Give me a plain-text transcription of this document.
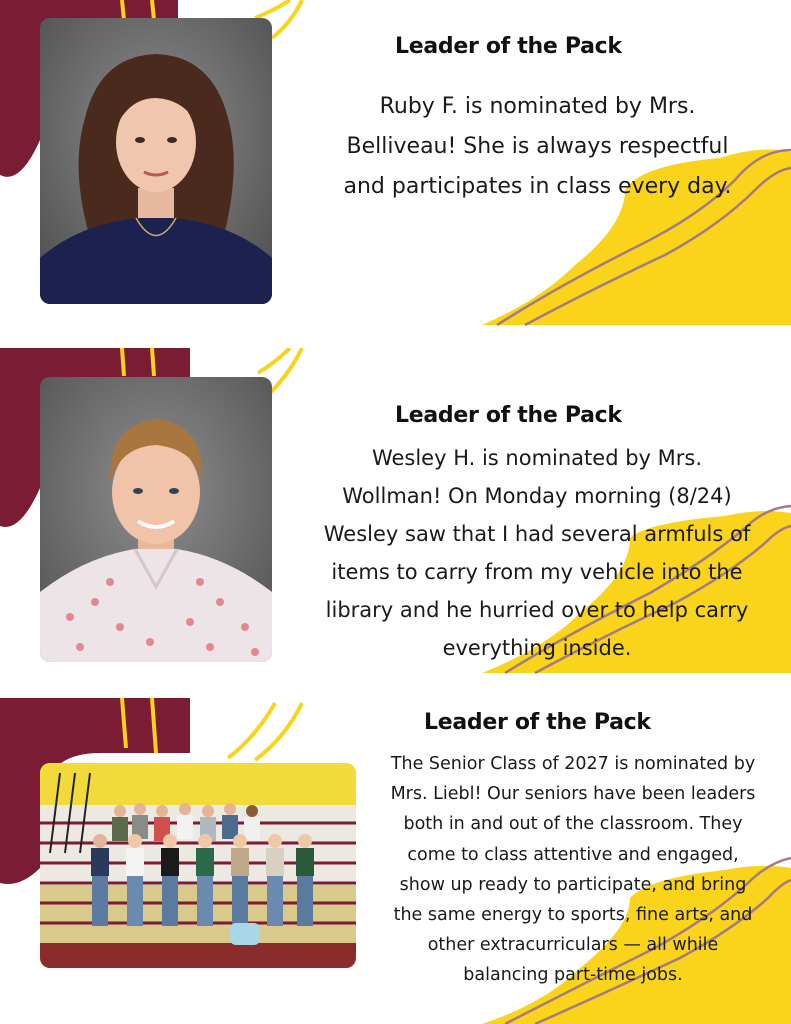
Leader of the Pack
Ruby F. is nominated by Mrs.
Belliveau! She is always respectful
and participates in class every day.
Leader of the Pack
Wesley H. is nominated by Mrs.
Wollman! On Monday morning (8/24)
Wesley saw that I had several armfuls of
items to carry from my vehicle into the
library and he hurried over to help carry
everything inside.
Leader of the Pack
The Senior Class of 2027 is nominated by
Mrs. Liebl! Our seniors have been leaders
both in and out of the classroom. They
come to class attentive and engaged,
show up ready to participate, and bring
the same energy to sports, fine arts, and
other extracurriculars — all while
balancing part-time jobs.
